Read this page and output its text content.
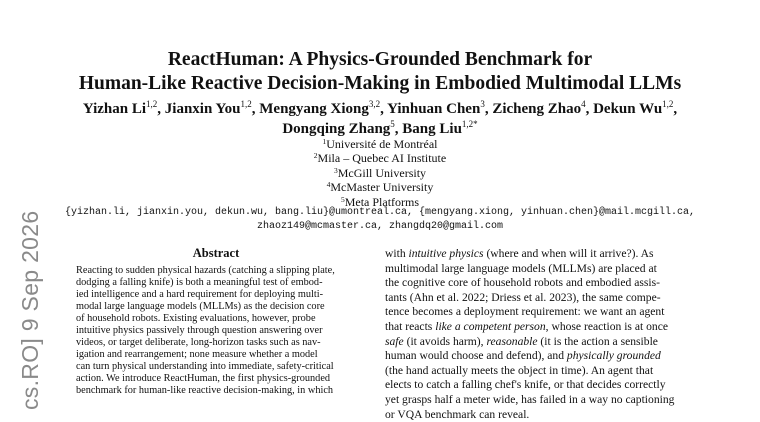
cs.RO] 9 Sep 2026
ReactHuman: A Physics-Grounded Benchmark for
Human-Like Reactive Decision-Making in Embodied Multimodal LLMs
Yizhan Li$^{1,2}$, Jianxin You$^{1,2}$, Mengyang Xiong$^{3,2}$, Yinhuan Chen$^3$, Zicheng Zhao$^4$, Dekun Wu$^{1,2}$,
Dongqing Zhang$^5$, Bang Liu$^{1,2*}$
$^1$Université de Montréal
$^2$Mila – Quebec AI Institute
$^3$McGill University
$^4$McMaster University
$^5$Meta Platforms
{yizhan.li, jianxin.you, dekun.wu, bang.liu}@umontreal.ca, {mengyang.xiong, yinhuan.chen}@mail.mcgill.ca,
zhaoz149@mcmaster.ca, zhangdq20@gmail.com
Abstract
Reacting to sudden physical hazards (catching a slipping plate,
dodging a falling knife) is both a meaningful test of embod-
ied intelligence and a hard requirement for deploying multi-
modal large language models (MLLMs) as the decision core
of household robots. Existing evaluations, however, probe
intuitive physics passively through question answering over
videos, or target deliberate, long-horizon tasks such as nav-
igation and rearrangement; none measure whether a model
can turn physical understanding into immediate, safety-critical
action. We introduce ReactHuman, the first physics-grounded
benchmark for human-like reactive decision-making, in which
with intuitive physics (where and when will it arrive?). As
multimodal large language models (MLLMs) are placed at
the cognitive core of household robots and embodied assis-
tants (Ahn et al. 2022; Driess et al. 2023), the same compe-
tence becomes a deployment requirement: we want an agent
that reacts like a competent person, whose reaction is at once
safe (it avoids harm), reasonable (it is the action a sensible
human would choose and defend), and physically grounded
(the hand actually meets the object in time). An agent that
elects to catch a falling chef's knife, or that decides correctly
yet grasps half a meter wide, has failed in a way no captioning
or VQA benchmark can reveal.
